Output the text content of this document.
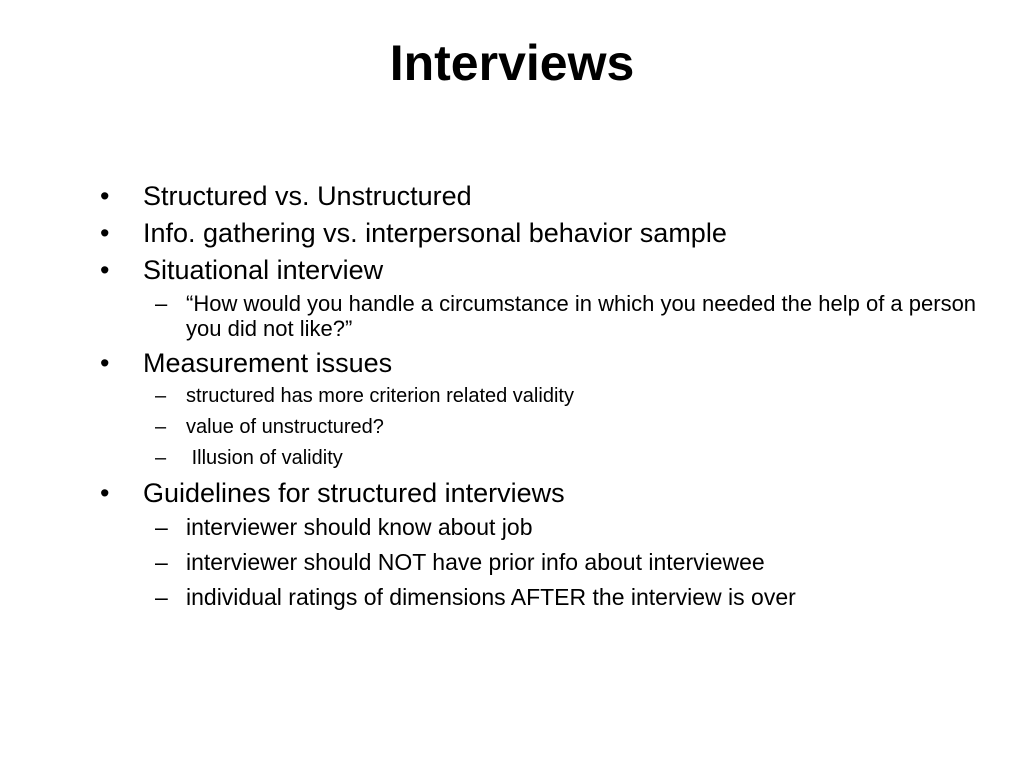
Interviews
•	Structured vs. Unstructured
•	Info. gathering vs. interpersonal behavior sample
•	Situational interview
– “How would you handle a circumstance in which you needed the help of a person you did not like?”
•	Measurement issues
– structured has more criterion related validity
– value of unstructured?
– Illusion of validity
•	Guidelines for structured interviews
– interviewer should know about job
– interviewer should NOT have prior info about interviewee
– individual ratings of dimensions AFTER the interview is over
